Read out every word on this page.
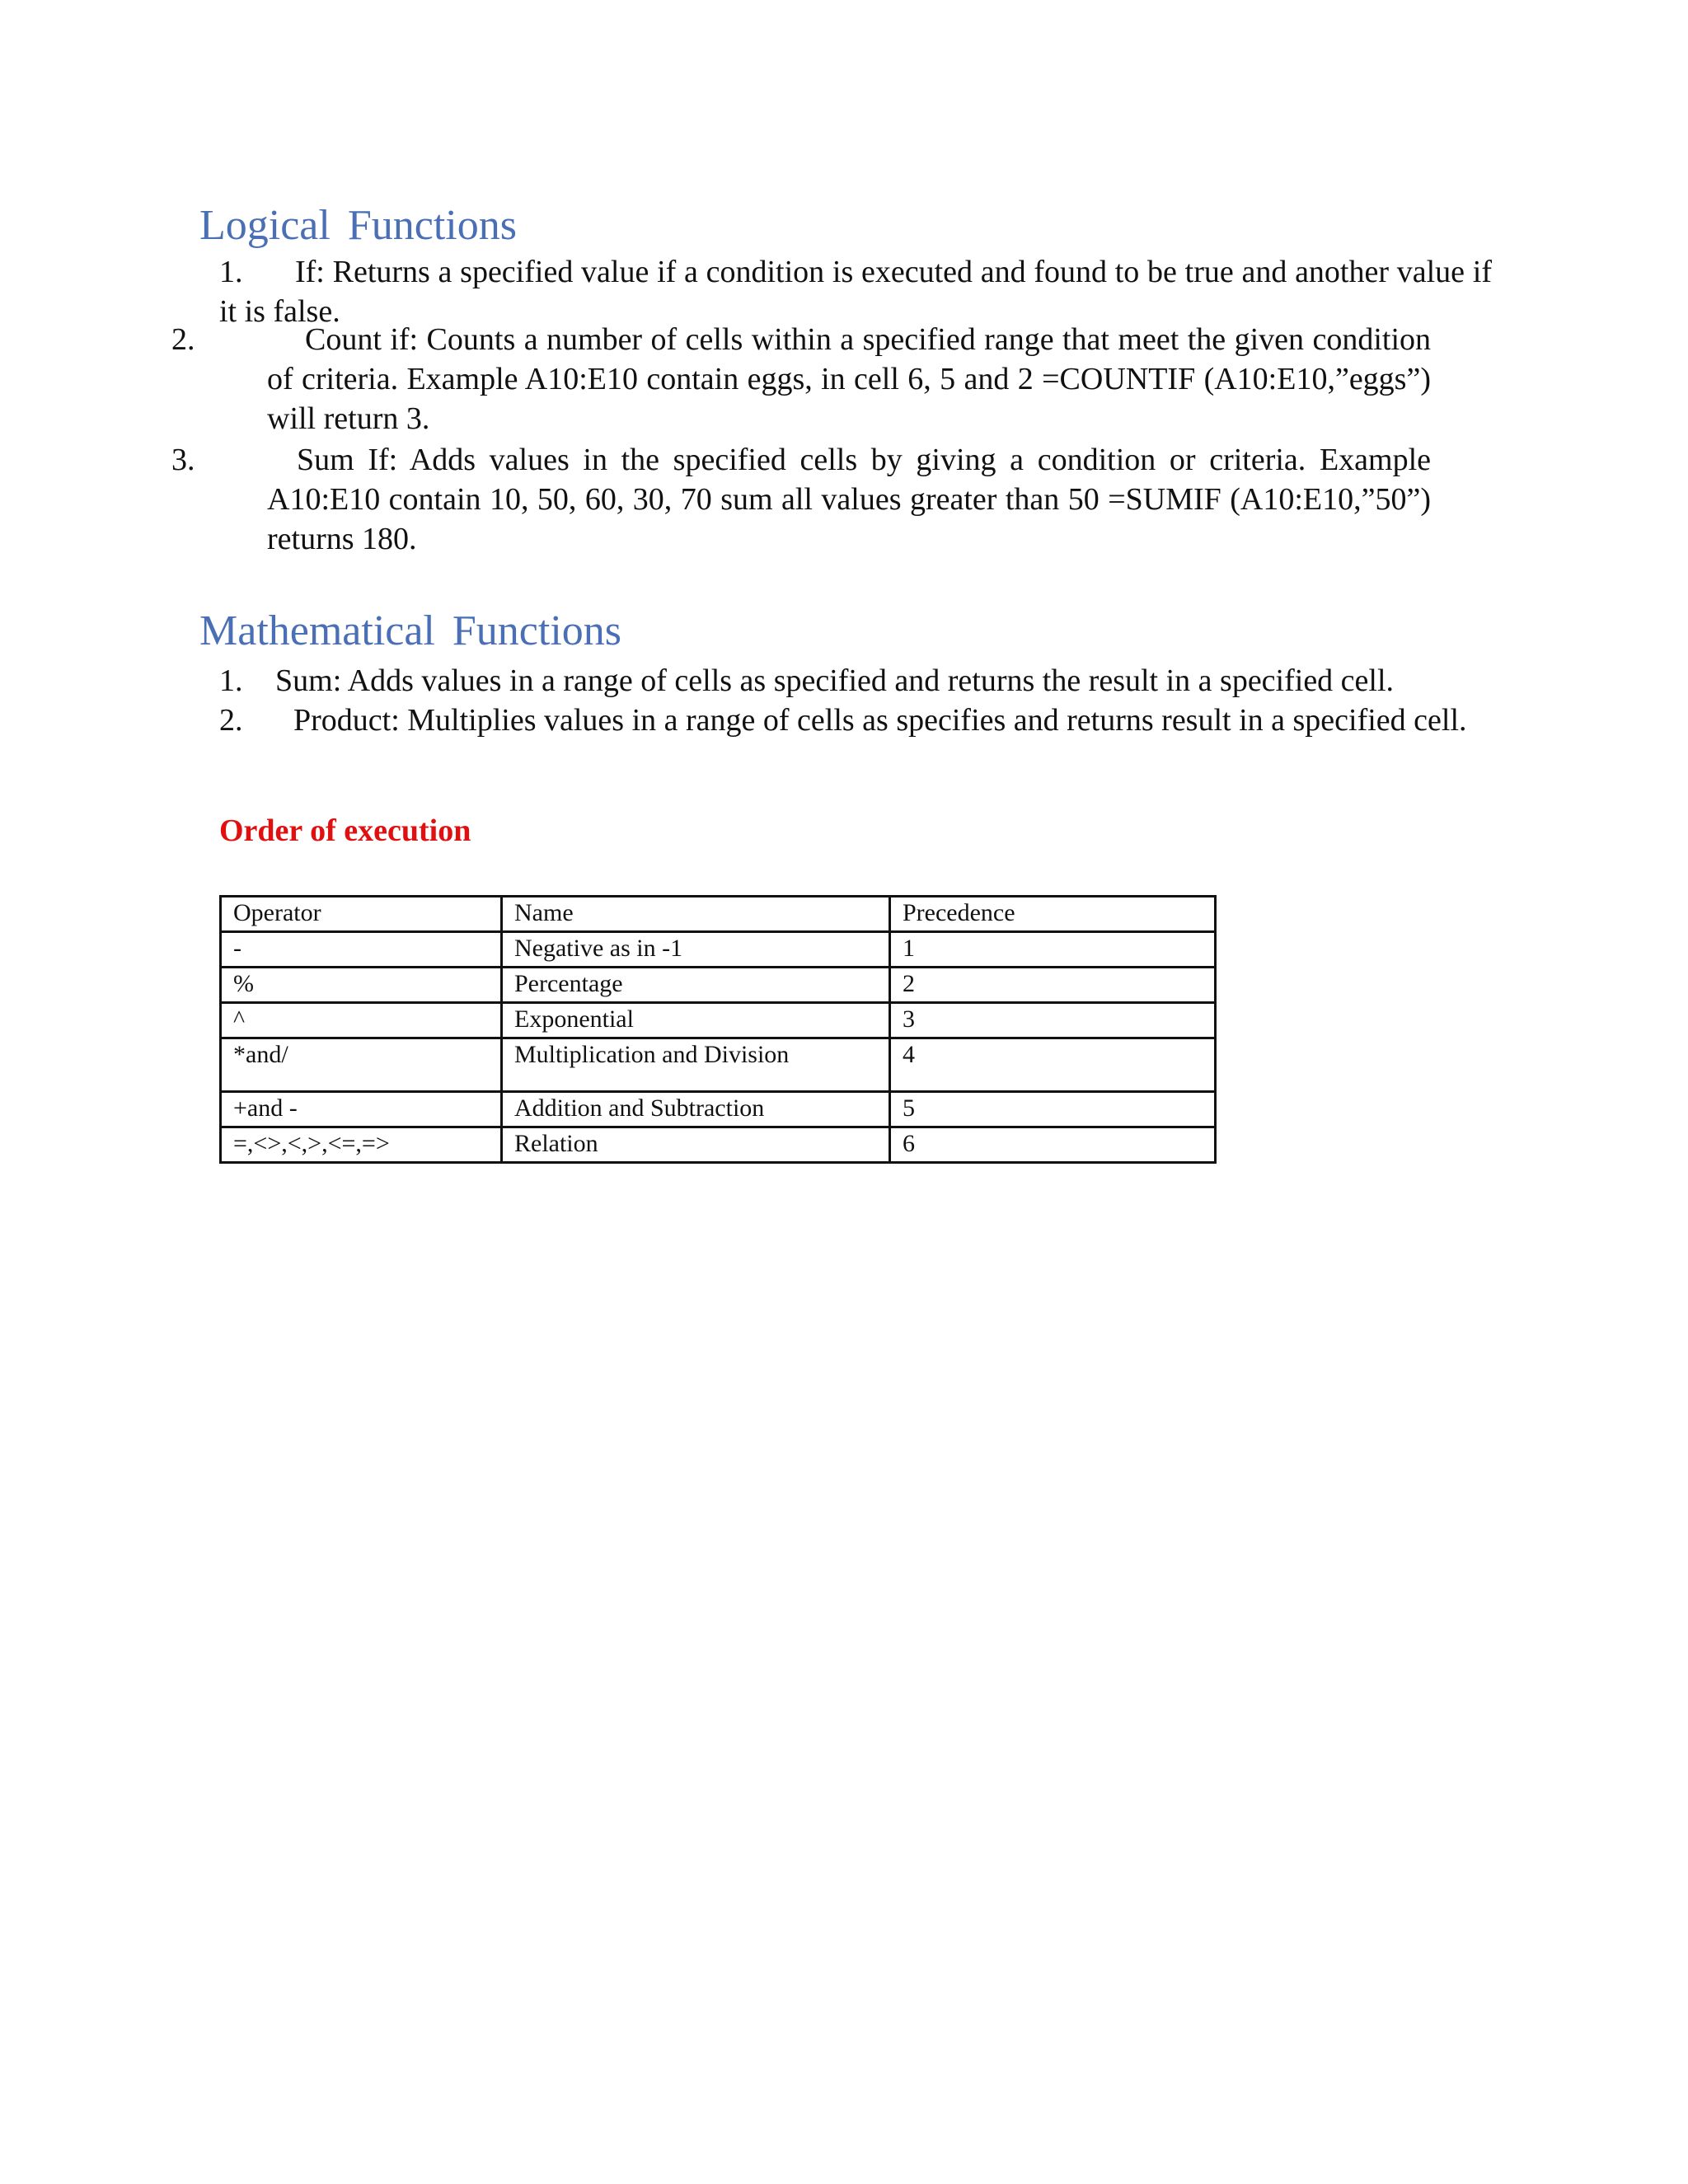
Logical Functions

1. If: Returns a specified value if a condition is executed and found to be true and another value if it is false.

2.	Count if: Counts a number of cells within a specified range that meet the given condition of criteria. Example A10:E10 contain eggs, in cell 6, 5 and 2 =COUNTIF (A10:E10,”eggs”) will return 3.

3.	Sum If: Adds values in the specified cells by giving a condition or criteria. Example A10:E10 contain 10, 50, 60, 30, 70 sum all values greater than 50 =SUMIF (A10:E10,”50”) returns 180.

Mathematical Functions

1. Sum: Adds values in a range of cells as specified and returns the result in a specified cell.

2. Product: Multiplies values in a range of cells as specifies and returns result in a specified cell.

Order of execution
Operator	Name	Precedence
-	Negative as in -1	1
%	Percentage	2
^	Exponential	3
*and/	Multiplication and Division	4
+and -	Addition and Subtraction	5
=,<>,<,>,<=,=>	Relation	6
